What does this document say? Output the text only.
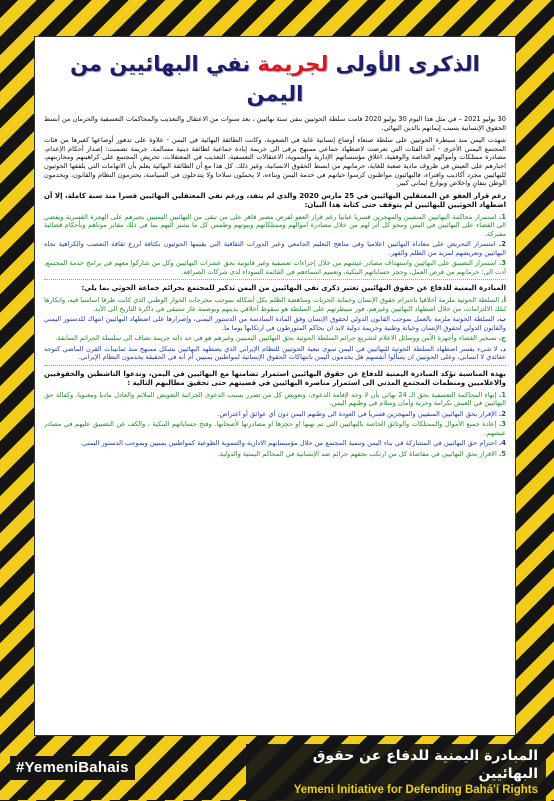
الذكرى الأولى لجريمة نفي البهائيين من اليمن

30 يوليو 2021 – في مثل هذا اليوم 30 يوليو 2020 قامت سلطة الحوثيين بنفي ستة بهائيين ، بعد سنوات من الاعتقال والتعذيب والمحاكمات التعسفية والحرمان من أبسط الحقوق الإنسانية بسبب إيمانهم بالدين البهائي.

شهدت اليمن منذ سيطرة الحوثيين على سلطة صنعاء أوضاع إنسانية غاية في الصعوبة، وكانت الطائفة البهائية في اليمن - علاوة على تدهور أوضاعها كغيرها من فئات المجتمع اليمني الأخرى - أحد الفئات التي تعرضت لاضطهاد جماعي ممنهج يرقى الى جريمة إبادة جماعية لطائفة دينية مسالمة. جريمة تضمنت: إصدار أحكام الإعدام، مصادرة ممتلكات وأموالهم الخاصة والوقفية، اغلاق مؤسساتهم الإدارية والتنموية، الاعتقالات التعسفية، التعذيب في المعتقلات، تحريض المجتمع على كراهيتهم ومحاربتهم، اجبارهم على العيش في ظروف مادية صعبة للغاية، حرمانهم من ابسط الحقوق الانسانية، وغير ذلك. كل هذا مع أن الطائفة البهائية يعلم بأن الاتهامات التي يلفقها الحوثيون للبهائيين مجرد أكاذيب وافتراء، فالبهائيون مواطنون كرسوا حياتهم في خدمة اليمن وبناءه، لا يحملون سلاحا ولا يتدخلون في السياسة، يحترمون النظام والقانون، ويخدمون الوطن بتفانٍ واخلاص وبوازع ايماني كبير.

رغم قرار العفو عن المعتقلين البهائيين في 25 مارس 2020 والذي لم ينفذ، ورغم نفي المعتقلين البهائيين قسرا منذ سنة كاملة، إلا أن اضطهاد الحوثيين للبهائيين لم يتوقف حتى كتابة هذا البيان:

1. استمرار محاكمة البهائيين المنفيين والمهجرين قسريا غيابيا رغم قرار العفو لفرض مصير قاهر على من تبقى من البهائيين اليمنيين يجبرهم على الهجرة القسرية ويفضي الى القضاء على البهائيين في اليمن ومحو كل أثر لهم من خلال مصادرة اموالهم وممتلكاتهم وبيوتهم وطمس كل ما يشير اليهم بما في ذلك مقابر موتاهم وبأحكام قضائية مفبركة.
2. استمرار التحريض على معاداة البهائيين اعلاميا وفي مناهج التعليم الجامعي وعبر الدورات الثقافية التي يقيمها الحوثيون بكثافة لزرع ثقافة التعصب والكراهية تجاه البهائيين وتعريضهم لمزيد من الظلم والقهر.
3. استمرار التضييق على البهائيين واستهداف مصادر عيشهم من خلال إجراءات تعسفية وغير قانونية بحق عشرات البهائيين وكل من شاركوا معهم في برامج خدمة المجتمع، أدت الى: حرمانهم من فرص العمل، وحجز حساباتهم البنكية، وتعميم اسماءهم في القائمة السوداء لدى شركات الصرافة.

المبادرة اليمنية للدفاع عن حقوق البهائيين تعتبر ذكرى نفي البهائيين من اليمن تذكير للمجتمع بجرائم جماعة الحوثي بما يلي:

أ. السلطة الحوثية ملزمة أخلاقيا باحترام حقوق الإنسان وحماية الحريات ومناهضة الظلم بكل أشكاله بموجب مخرجات الحوار الوطني الذي كانت طرفا اساسيا فيه، وانكارها لتلك الالتزامات، من خلال اضطهاد البهائيين وغيرهم، فور سيطرتهم على السلطة هو سقوط أخلاقي يدينهم ويوصمة عار ستبقى في ذاكرة التاريخ الى الأبد.
ب. السلطة الحوثية ملزمة بالعمل بموجب القانون الدولي لحقوق الإنسان وفق المادة السادسة من الدستور اليمني، وإصرارها على اضطهاد البهائيين انتهاك للدستور اليمني والقانون الدولي لحقوق الإنسان وخيانة وطنية وجريمة دولية لابد ان يحاكم المتورطون في ارتكابها يوما ما.
ج. تسخير القضاء وأجهزة الأمن ووسائل الاعلام لتشريع جرائم السلطة الحوثية بحق البهائيين اليمنيين وغيرهم هو في حد ذاته جريمة تضاف الى سلسلة الجرائم السابقة.
د. لا شيء يفسر اضطهاد السلطة الحوثية للبهائيين في اليمن سوى تبعية الحوثيين للنظام الإيراني الذي يضطهد البهائيين بشكل ممنهج منذ ثمانينات القرن الماضي كتوجه عقائدي لا انساني، وعلى الحوثيين ان يسألوا أنفسهم هل يخدمون اليمن بانتهاكات الحقوق الإنسانية لمواطنين يمنيين أم أنه في الحقيقة يخدمون النظام الإيراني.

بهذه المناسبة تؤكد المبادرة اليمنية للدفاع عن حقوق البهائيين استمرار تضامنها مع البهائيين في اليمن، وتدعوا الناشطين والحقوقيين والاعلاميين ومنظمات المجتمع المدني الى استمرار مناصرة البهائيين في قضيتهم حتى تحقيق مطالبهم التالية :

1. إنهاء المحاكمة التعسفية بحق الـ 24 بهائي بأن لا وجه لإقامة الدعوى، وتعويض كل من تضرر بسبب الدعوى الجزائية التعويض الملائم والعادل ماديا ومعنويا، وكفالة حق البهائيين في العيش بكرامة وحرية وأمان وسلام في وطنهم اليمن.
2. الإقرار بحق البهائيين المنفيين والمهجرين قسريا في العودة الى وطنهم اليمن دون أي عوائق أو اعتراض.
3. إعادة جميع الأموال والممتلكات والوثائق الخاصة بالبهائيين التي تم نهبها او حجزها او مصادرتها لأصحابها. وفتح حساباتهم البنكية ، والكف عن التضييق عليهم في مصادر عيشهم.
4. احترام حق البهائيين في المشاركة في بناء اليمن وتنمية المجتمع من خلال مؤسساتهم الادارية والتنموية الطوعية كمواطنين يمنيين وبموجب الدستور اليمني.
5. الاقرار بحق البهائيين في مقاضاة كل من ارتكب بحقهم جرائم ضد الإنسانية في المحاكم اليمنية والدولية.
#YemeniBahais
المبادرة اليمنية للدفاع عن حقوق البهائيين
Yemeni Initiative for Defending Bahá'í Rights
